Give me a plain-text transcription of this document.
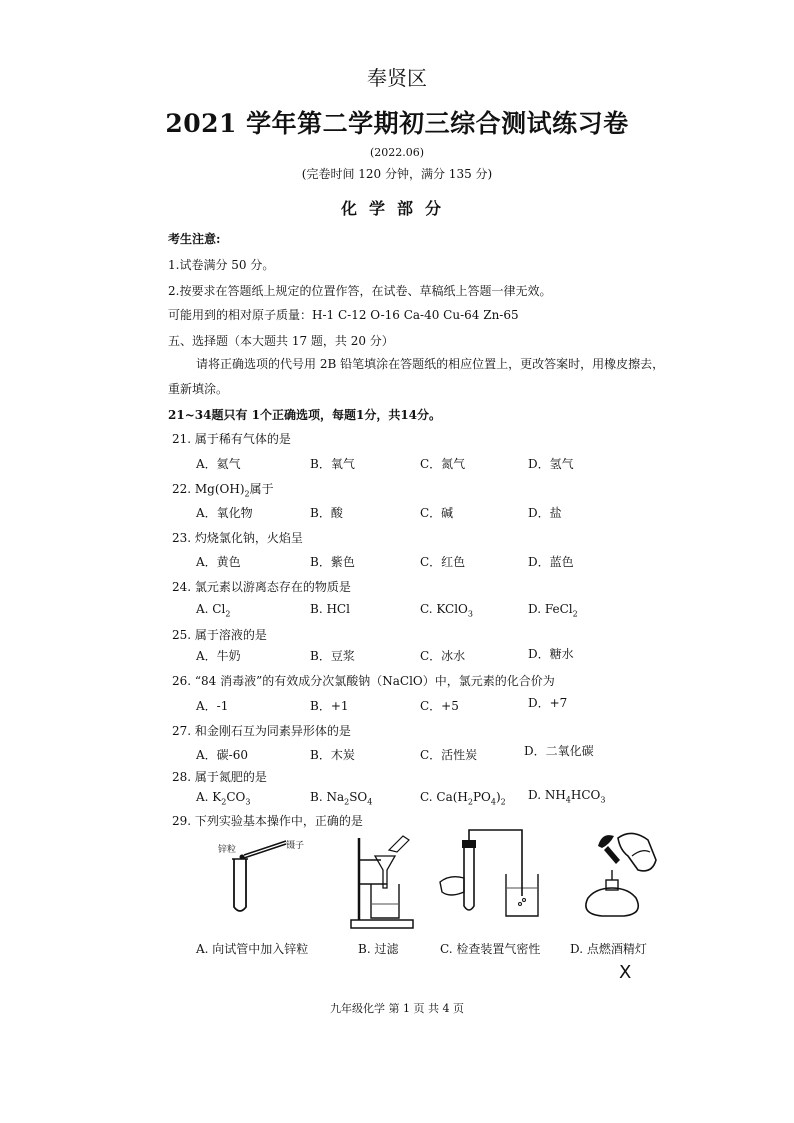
奉贤区
2021 学年第二学期初三综合测试练习卷
(2022.06)
(完卷时间 120 分钟，满分 135 分)
化学部分
考生注意:
1.试卷满分 50 分。
2.按要求在答题纸上规定的位置作答，在试卷、草稿纸上答题一律无效。
可能用到的相对原子质量：H-1 C-12 O-16 Ca-40 Cu-64 Zn-65
五、选择题（本大题共 17 题，共 20 分）
请将正确选项的代号用 2B 铅笔填涂在答题纸的相应位置上，更改答案时，用橡皮擦去，
重新填涂。
21~34题只有 1个正确选项，每题1分，共14分。
21. 属于稀有气体的是
A．氦气	B．氧气	C．氮气	D．氢气
22. $Mg(OH)_2$属于
A．氧化物	B．酸	C．碱	D．盐
23. 灼烧氯化钠，火焰呈
A．黄色	B．紫色	C．红色	D．蓝色
24. 氯元素以游离态存在的物质是
A. $Cl_2$	B. HCl	C. KClO$_3$	D. FeCl$_2$
25. 属于溶液的是
A．牛奶	B．豆浆	C．冰水	D．糖水
26. “84 消毒液”的有效成分次氯酸钠（NaClO）中，氯元素的化合价为
A．-1	B．+1	C．+5	D．+7
27. 和金刚石互为同素异形体的是
A．碳-60	B．木炭	C．活性炭	D．二氧化碳
28. 属于氮肥的是
A. $K_2CO_3$	B. $Na_2SO_4$	C. $Ca(H_2PO_4)_2$ D. $NH_4HCO_3$
29. 下列实验基本操作中，正确的是
锌粒	镊子
A. 向试管中加入锌粒	B. 过滤	C. 检查装置气密性 D. 点燃酒精灯
X
九年级化学 第 1 页 共 4 页
